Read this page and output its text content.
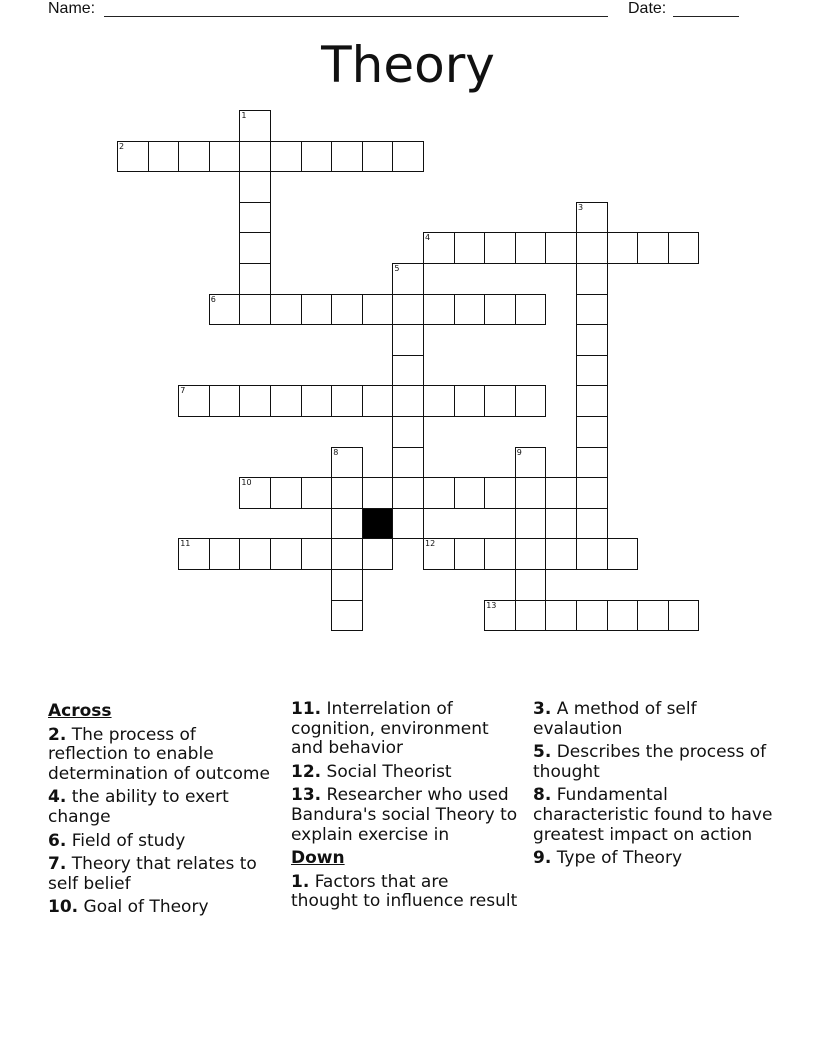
Name:	Date:
Theory
1
2
3
4
5
6
7
8	9
10
11	12
13
Across
2. The process of reflection to enable determination of outcome
4. the ability to exert change
6. Field of study
7. Theory that relates to self belief
10. Goal of Theory
11. Interrelation of cognition, environment and behavior
12. Social Theorist
13. Researcher who used Bandura's social Theory to explain exercise in
Down
1. Factors that are thought to influence result
3. A method of self evalaution
5. Describes the process of thought
8. Fundamental characteristic found to have greatest impact on action
9. Type of Theory
